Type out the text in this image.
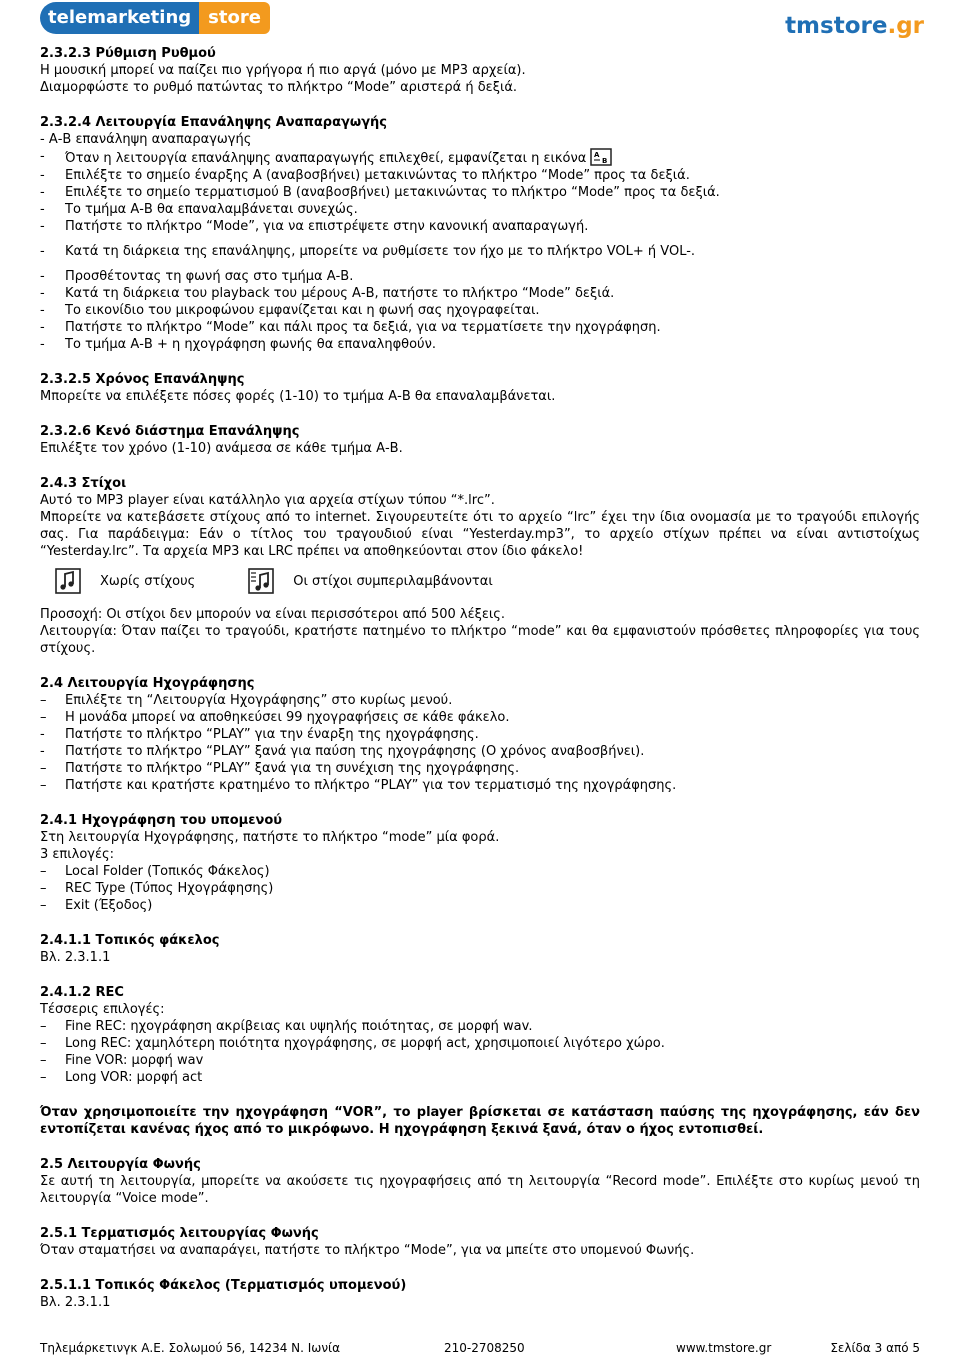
telemarketing store	tmstore.gr

2.3.2.3 Ρύθμιση Ρυθμού

Η μουσική μπορεί να παίζει πιο γρήγορα ή πιο αργά (μόνο με MP3 αρχεία).

Διαμορφώστε το ρυθμό πατώντας το πλήκτρο “Mode” αριστερά ή δεξιά.

2.3.2.4 Λειτουργία Επανάληψης Αναπαραγωγής

- Α-Β επανάληψη αναπαραγωγής

- Όταν η λειτουργία επανάληψης αναπαραγωγής επιλεχθεί, εμφανίζεται η εικόνα A
B

- Επιλέξτε το σημείο έναρξης Α (αναβοσβήνει) μετακινώντας το πλήκτρο “Mode” προς τα δεξιά.

- Επιλέξτε το σημείο τερματισμού Β (αναβοσβήνει) μετακινώντας το πλήκτρο “Mode” προς τα δεξιά.

- Το τμήμα Α-Β θα επαναλαμβάνεται συνεχώς.

- Πατήστε το πλήκτρο “Mode”, για να επιστρέψετε στην κανονική αναπαραγωγή.

- Κατά τη διάρκεια της επανάληψης, μπορείτε να ρυθμίσετε τον ήχο με το πλήκτρο VOL+ ή VOL-.

- Προσθέτοντας τη φωνή σας στο τμήμα Α-Β.

- Κατά τη διάρκεια του playback του μέρους Α-Β, πατήστε το πλήκτρο “Mode” δεξιά.

- Το εικονίδιο του μικροφώνου εμφανίζεται και η φωνή σας ηχογραφείται.

- Πατήστε το πλήκτρο “Mode” και πάλι προς τα δεξιά, για να τερματίσετε την ηχογράφηση.

- Το τμήμα Α-Β + η ηχογράφηση φωνής θα επαναληφθούν.

2.3.2.5 Χρόνος Επανάληψης

Μπορείτε να επιλέξετε πόσες φορές (1-10) το τμήμα Α-Β θα επαναλαμβάνεται.

2.3.2.6 Κενό διάστημα Επανάληψης

Επιλέξτε τον χρόνο (1-10) ανάμεσα σε κάθε τμήμα Α-Β.

2.4.3 Στίχοι

Αυτό το MP3 player είναι κατάλληλο για αρχεία στίχων τύπου “*.lrc”.

Μπορείτε να κατεβάσετε στίχους από το internet. Σιγουρευτείτε ότι το αρχείο “lrc” έχει την ίδια ονομασία με το τραγούδι επιλογής σας. Για παράδειγμα: Εάν ο τίτλος του τραγουδιού είναι “Yesterday.mp3”, το αρχείο στίχων πρέπει να είναι αντιστοίχως “Yesterday.lrc”. Τα αρχεία MP3 και LRC πρέπει να αποθηκεύονται στον ίδιο φάκελο!

Χωρίς στίχους	Οι στίχοι συμπεριλαμβάνονται

Προσοχή: Οι στίχοι δεν μπορούν να είναι περισσότεροι από 500 λέξεις.

Λειτουργία: Όταν παίζει το τραγούδι, κρατήστε πατημένο το πλήκτρο “mode” και θα εμφανιστούν πρόσθετες πληροφορίες για τους στίχους.

2.4 Λειτουργία Ηχογράφησης

– Επιλέξτε τη “Λειτουργία Ηχογράφησης” στο κυρίως μενού.

– Η μονάδα μπορεί να αποθηκεύσει 99 ηχογραφήσεις σε κάθε φάκελο.

- Πατήστε το πλήκτρο “PLAY” για την έναρξη της ηχογράφησης.

- Πατήστε το πλήκτρο “PLAY” ξανά για παύση της ηχογράφησης (Ο χρόνος αναβοσβήνει).

– Πατήστε το πλήκτρο “PLAY” ξανά για τη συνέχιση της ηχογράφησης.

– Πατήστε και κρατήστε κρατημένο το πλήκτρο “PLAY” για τον τερματισμό της ηχογράφησης.

2.4.1 Ηχογράφηση του υπομενού

Στη λειτουργία Ηχογράφησης, πατήστε το πλήκτρο “mode” μία φορά.

3 επιλογές:

– Local Folder (Τοπικός Φάκελος)

– REC Type (Τύπος Ηχογράφησης)

– Exit (Έξοδος)

2.4.1.1 Τοπικός φάκελος

Βλ. 2.3.1.1

2.4.1.2 REC

Τέσσερις επιλογές:

– Fine REC: ηχογράφηση ακρίβειας και υψηλής ποιότητας, σε μορφή wav.

– Long REC: χαμηλότερη ποιότητα ηχογράφησης, σε μορφή act, χρησιμοποιεί λιγότερο χώρο.

– Fine VOR: μορφή wav

– Long VOR: μορφή act

Όταν χρησιμοποιείτε την ηχογράφηση “VOR”, το player βρίσκεται σε κατάσταση παύσης της ηχογράφησης, εάν δεν εντοπίζεται κανένας ήχος από το μικρόφωνο. Η ηχογράφηση ξεκινά ξανά, όταν ο ήχος εντοπισθεί.

2.5 Λειτουργία Φωνής

Σε αυτή τη λειτουργία, μπορείτε να ακούσετε τις ηχογραφήσεις από τη λειτουργία “Record mode”. Επιλέξτε στο κυρίως μενού τη λειτουργία “Voice mode”.

2.5.1 Τερματισμός λειτουργίας Φωνής

Όταν σταματήσει να αναπαράγει, πατήστε το πλήκτρο “Mode”, για να μπείτε στο υπομενού Φωνής.

2.5.1.1 Τοπικός Φάκελος (Τερματισμός υπομενού)

Βλ. 2.3.1.1

Τηλεμάρκετινγκ Α.Ε. Σολωμού 56, 14234 Ν. Ιωνία	210-2708250	www.tmstore.gr	Σελίδα 3 από 5
